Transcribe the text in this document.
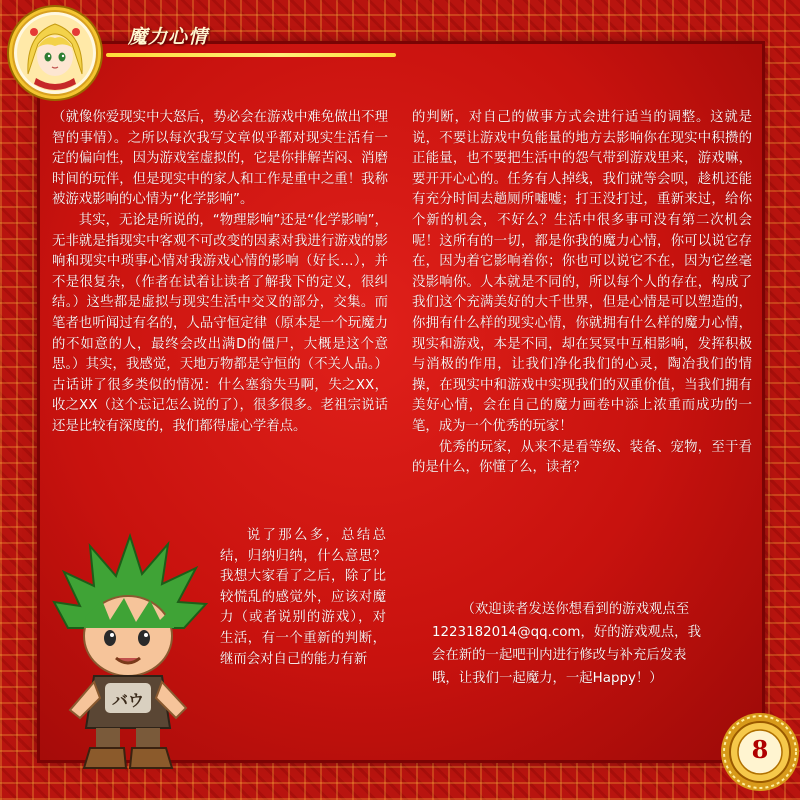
魔力心情

（就像你爱现实中大怒后，势必会在游戏中难免做出不理智的事情）。之所以每次我写文章似乎都对现实生活有一定的偏向性，因为游戏室虚拟的，它是你排解苦闷、消磨时间的玩伴，但是现实中的家人和工作是重中之重！我称被游戏影响的心情为“化学影响”。

其实，无论是所说的，“物理影响”还是“化学影响”，无非就是指现实中客观不可改变的因素对我进行游戏的影响和现实中琐事心情对我游戏心情的影响（好长…），并不是很复杂，（作者在试着让读者了解我下的定义，很纠结。）这些都是虚拟与现实生活中交叉的部分，交集。而笔者也听闻过有名的，人品守恒定律（原本是一个玩魔力的不如意的人，最终会改出满D的僵尸，大概是这个意思。）其实，我感觉，天地万物都是守恒的（不关人品。）古话讲了很多类似的情况：什么塞翁失马啊，失之XX，收之XX（这个忘记怎么说的了），很多很多。老祖宗说话还是比较有深度的，我们都得虚心学着点。

说了那么多，总结总结，归纳归纳，什么意思？我想大家看了之后，除了比较慌乱的感觉外，应该对魔力（或者说别的游戏），对生活，有一个重新的判断，继而会对自己的能力有新

バウ

的判断，对自己的做事方式会进行适当的调整。这就是说，不要让游戏中负能量的地方去影响你在现实中积攒的正能量，也不要把生活中的怨气带到游戏里来，游戏嘛，要开开心心的。任务有人掉线，我们就等会呗，趁机还能有充分时间去趟厕所嘘嘘；打王没打过，重新来过，给你个新的机会，不好么？生活中很多事可没有第二次机会呢！这所有的一切，都是你我的魔力心情，你可以说它存在，因为着它影响着你；你也可以说它不在，因为它丝毫没影响你。人本就是不同的，所以每个人的存在，构成了我们这个充满美好的大千世界，但是心情是可以塑造的，你拥有什么样的现实心情，你就拥有什么样的魔力心情，现实和游戏，本是不同，却在冥冥中互相影响，发挥积极与消极的作用，让我们净化我们的心灵，陶冶我们的情操，在现实中和游戏中实现我们的双重价值，当我们拥有美好心情，会在自己的魔力画卷中添上浓重而成功的一笔，成为一个优秀的玩家！

优秀的玩家，从来不是看等级、装备、宠物，至于看的是什么，你懂了么，读者？

（欢迎读者发送你想看到的游戏观点至

1223182014@qq.com，好的游戏观点，我

会在新的一起吧刊内进行修改与补充后发表

哦，让我们一起魔力，一起Happy！）

8
